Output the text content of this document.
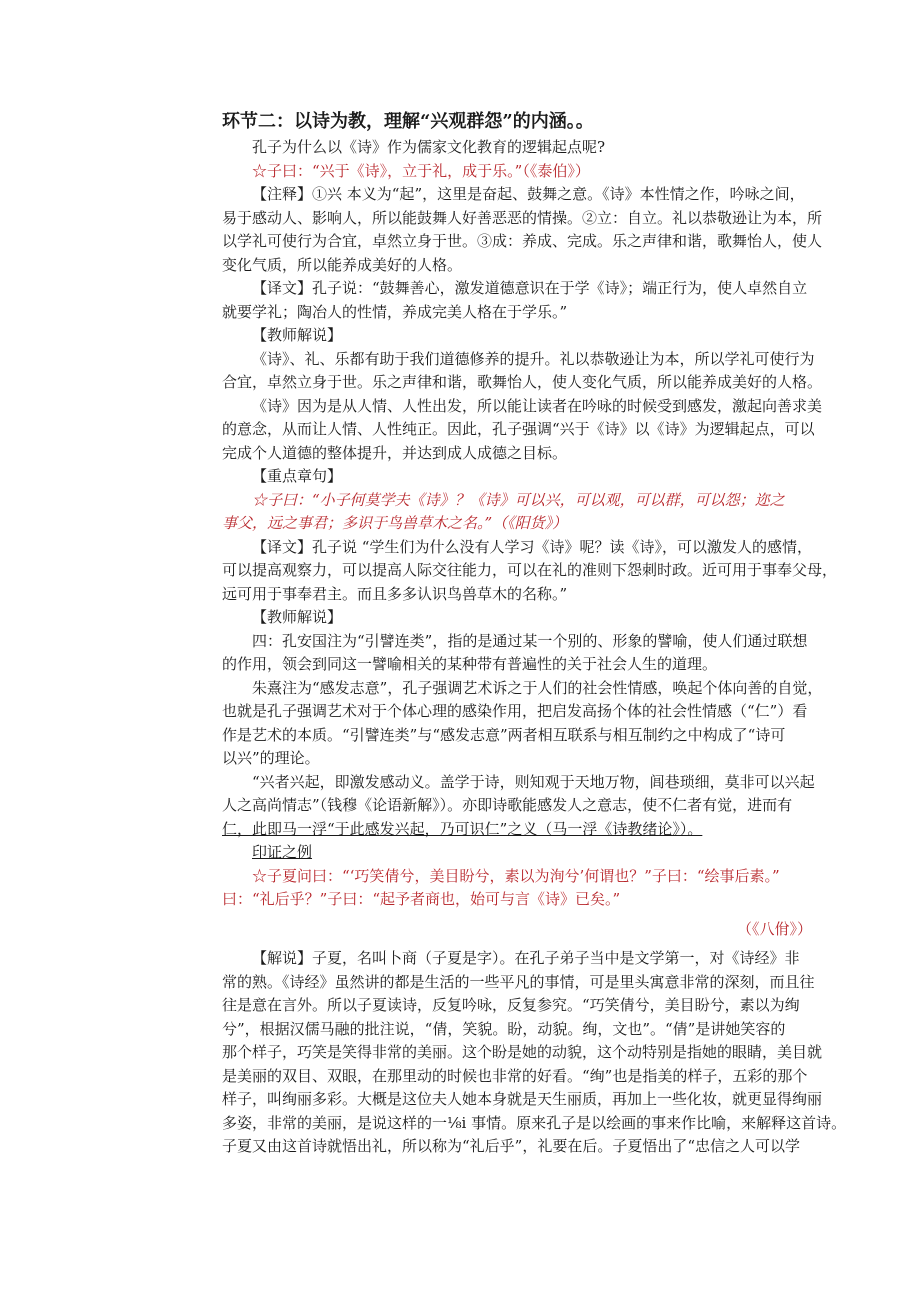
环节二：以诗为教，理解“兴观群怨”的内涵。。
孔子为什么以《诗》作为儒家文化教育的逻辑起点呢?
☆子曰：“兴于《诗》，立于礼，成于乐。”（《泰伯》）
【注释】①兴 本义为“起”，这里是奋起、鼓舞之意。《诗》本性情之作，吟咏之间，
易于感动人、影响人，所以能鼓舞人好善恶恶的情操。②立：自立。礼以恭敬逊让为本，所
以学礼可使行为合宜，卓然立身于世。③成：养成、完成。乐之声律和谐，歌舞怡人，使人
变化气质，所以能养成美好的人格。
【译文】孔子说：“鼓舞善心，激发道德意识在于学《诗》；端正行为，使人卓然自立
就要学礼；陶冶人的性情，养成完美人格在于学乐。”
【教师解说】
《诗》、礼、乐都有助于我们道德修养的提升。礼以恭敬逊让为本，所以学礼可使行为
合宜，卓然立身于世。乐之声律和谐，歌舞怡人，使人变化气质，所以能养成美好的人格。
《诗》因为是从人情、人性出发，所以能让读者在吟咏的时候受到感发，激起向善求美
的意念，从而让人情、人性纯正。因此，孔子强调“兴于《诗》以《诗》为逻辑起点，可以
完成个人道德的整体提升，并达到成人成德之目标。
【重点章句】
☆子曰：“小子何莫学夫《诗》？《诗》可以兴，可以观，可以群，可以怨；迩之
事父，远之事君；多识于鸟兽草木之名。”（《阳货》）
【译文】孔子说 “学生们为什么没有人学习《诗》呢？读《诗》，可以激发人的感情，
可以提高观察力，可以提高人际交往能力，可以在礼的准则下怨刺时政。近可用于事奉父母，
远可用于事奉君主。而且多多认识鸟兽草木的名称。”
【教师解说】
四：孔安国注为“引譬连类”，指的是通过某一个别的、形象的譬喻，使人们通过联想
的作用，领会到同这一譬喻相关的某种带有普遍性的关于社会人生的道理。
朱熹注为“感发志意”，孔子强调艺术诉之于人们的社会性情感，唤起个体向善的自觉，
也就是孔子强调艺术对于个体心理的感染作用，把启发高扬个体的社会性情感（“仁”）看
作是艺术的本质。“引譬连类”与“感发志意”两者相互联系与相互制约之中构成了“诗可
以兴”的理论。
“兴者兴起，即激发感动义。盖学于诗，则知观于天地万物，闾巷琐细，莫非可以兴起
人之高尚情志”（钱穆《论语新解》）。亦即诗歌能感发人之意志，使不仁者有觉，进而有
仁，此即马一浮“于此感发兴起，乃可识仁”之义（马一浮《诗教绪论》）。
印证之例
☆子夏问曰：“‘巧笑倩兮，美目盼兮，素以为洵兮’何谓也？”子曰：“绘事后素。”
曰：“礼后乎？”子曰：“起予者商也，始可与言《诗》已矣。”
（《八佾》）
【解说】子夏，名叫卜商（子夏是字）。在孔子弟子当中是文学第一，对《诗经》非
常的熟。《诗经》虽然讲的都是生活的一些平凡的事情，可是里头寓意非常的深刻，而且往
往是意在言外。所以子夏读诗，反复吟咏，反复参究。“巧笑倩兮，美目盼兮，素以为绚
兮”，根据汉儒马融的批注说，“倩，笑貌。盼，动貌。绚，文也”。“倩”是讲她笑容的
那个样子，巧笑是笑得非常的美丽。这个盼是她的动貌，这个动特别是指她的眼睛，美目就
是美丽的双目、双眼，在那里动的时候也非常的好看。“绚”也是指美的样子，五彩的那个
样子，叫绚丽多彩。大概是这位夫人她本身就是天生丽质，再加上一些化妆，就更显得绚丽
多姿，非常的美丽，是说这样的一⅛i 事情。原来孔子是以绘画的事来作比喻，来解释这首诗。
子夏又由这首诗就悟出礼，所以称为“礼后乎”，礼要在后。子夏悟出了“忠信之人可以学
